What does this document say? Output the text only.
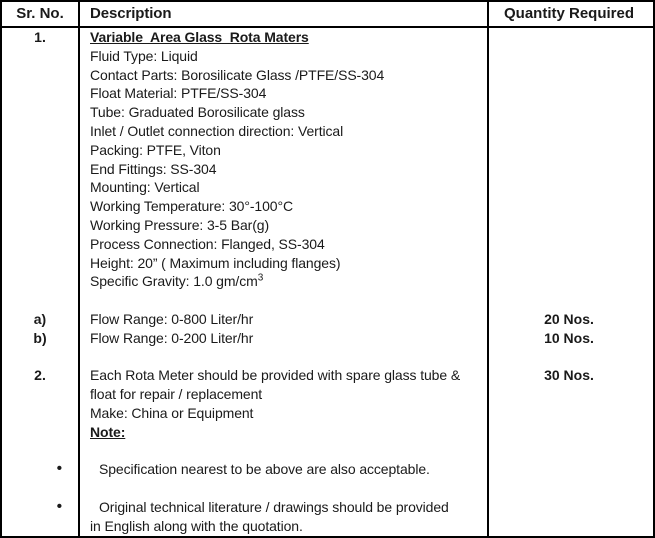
Sr. No.	Description	Quantity Required
1.	Variable  Area Glass  Rota Maters
Fluid Type: Liquid
Contact Parts: Borosilicate Glass /PTFE/SS-304
Float Material: PTFE/SS-304
Tube: Graduated Borosilicate glass
Inlet / Outlet connection direction: Vertical
Packing: PTFE, Viton
End Fittings: SS-304
Mounting: Vertical
Working Temperature: 30°-100°C
Working Pressure: 3-5 Bar(g)
Process Connection: Flanged, SS-304
Height: 20” ( Maximum including flanges)
Specific Gravity: 1.0 $gm/cm^3$
a)	Flow Range: 0-800 Liter/hr	20 Nos.
b)	Flow Range: 0-200 Liter/hr	10 Nos.
2.	Each Rota Meter should be provided with spare glass tube &	30 Nos.
float for repair / replacement
Make: China or Equipment
Note:
•	Specification nearest to be above are also acceptable.
•	Original technical literature / drawings should be provided
in English along with the quotation.
